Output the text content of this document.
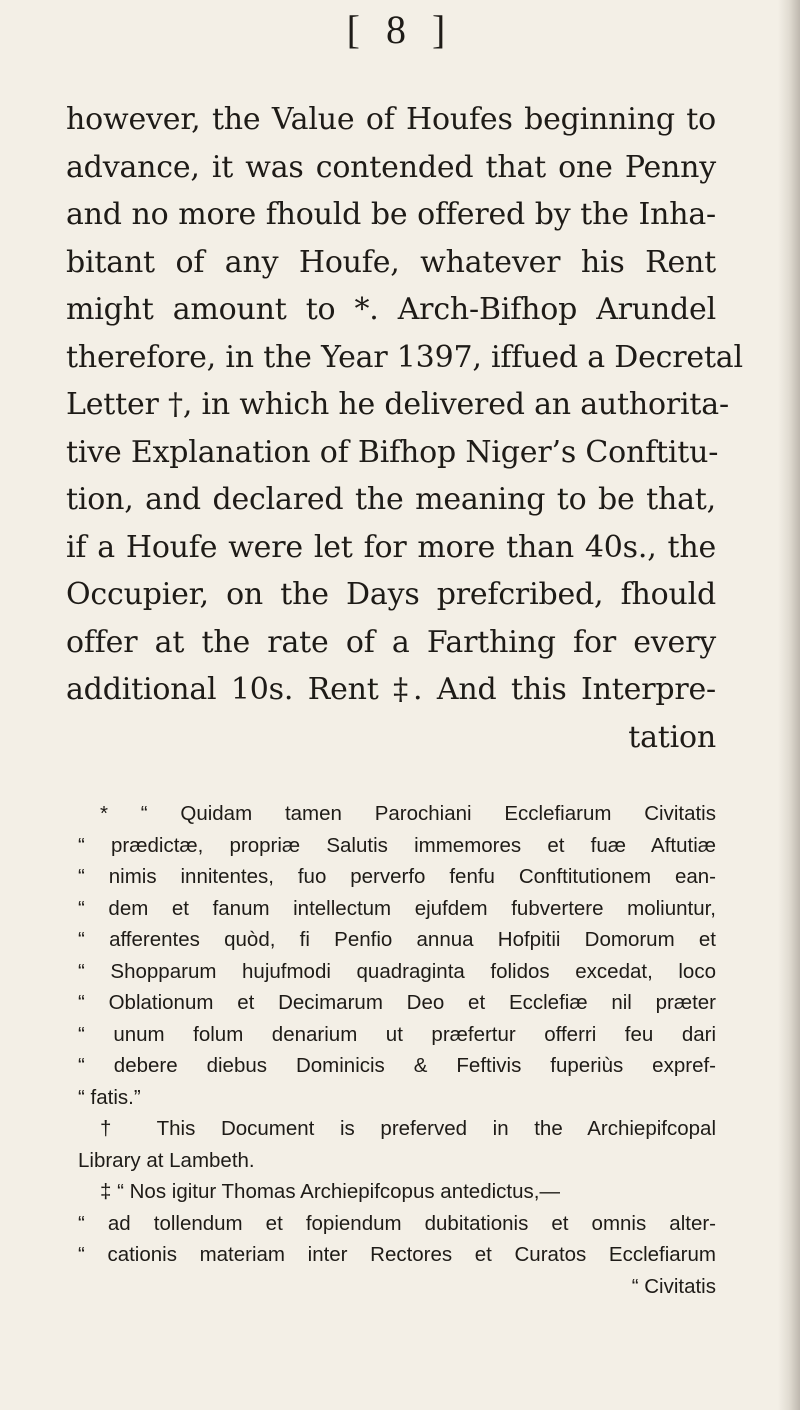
[ 8 ]
however, the Value of Houfes beginning to
advance, it was contended that one Penny
and no more fhould be offered by the Inha-
bitant of any Houfe, whatever his Rent
might amount to *. Arch-Bifhop Arundel
therefore, in the Year 1397, iffued a Decretal
Letter †, in which he delivered an authorita-
tive Explanation of Bifhop Niger’s Conftitu-
tion, and declared the meaning to be that,
if a Houfe were let for more than 40s., the
Occupier, on the Days prefcribed, fhould
offer at the rate of a Farthing for every
additional 10s. Rent ‡. And this Interpre-
tation
* “ Quidam tamen Parochiani Ecclefiarum Civitatis
“ prædictæ, propriæ Salutis immemores et fuæ Aftutiæ
“ nimis innitentes, fuo perverfo fenfu Conftitutionem ean-
“ dem et fanum intellectum ejufdem fubvertere moliuntur,
“ afferentes quòd, fi Penfio annua Hofpitii Domorum et
“ Shopparum hujufmodi quadraginta folidos excedat, loco
“ Oblationum et Decimarum Deo et Ecclefiæ nil præter
“ unum folum denarium ut præfertur offerri feu dari
“ debere diebus Dominicis & Feftivis fuperiùs expref-
“ fatis.”
† This Document is preferved in the Archiepifcopal
Library at Lambeth.
‡ “ Nos igitur Thomas Archiepifcopus antedictus,—
“ ad tollendum et fopiendum dubitationis et omnis alter-
“ cationis materiam inter Rectores et Curatos Ecclefiarum
“ Civitatis
